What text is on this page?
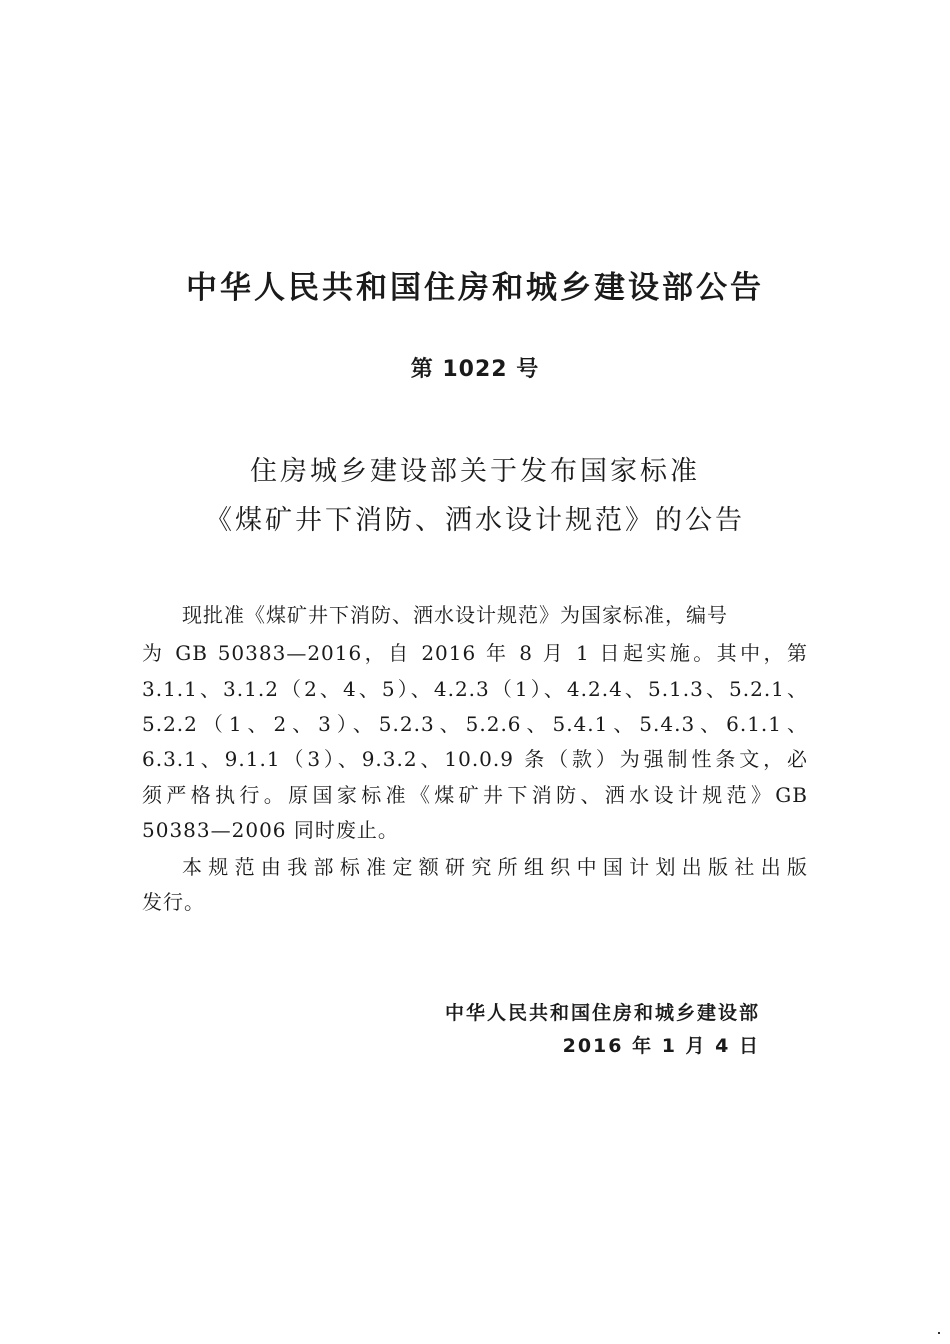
中华人民共和国住房和城乡建设部公告

第 1022 号

住房城乡建设部关于发布国家标准

《煤矿井下消防、洒水设计规范》的公告

现批准《煤矿井下消防、洒水设计规范》为国家标准，编号

为 GB 50383—2016，自 2016 年 8 月 1 日起实施。其中，第

3.1.1、3.1.2（2、4、5）、4.2.3（1）、4.2.4、5.1.3、5.2.1、

5.2.2（1、2、3）、5.2.3、5.2.6、5.4.1、5.4.3、6.1.1、

6.3.1、9.1.1（3）、9.3.2、10.0.9 条（款）为强制性条文，必

须严格执行。原国家标准《煤矿井下消防、洒水设计规范》GB

50383—2006 同时废止。

本规范由我部标准定额研究所组织中国计划出版社出版

发行。

中华人民共和国住房和城乡建设部

2016 年 1 月 4 日
